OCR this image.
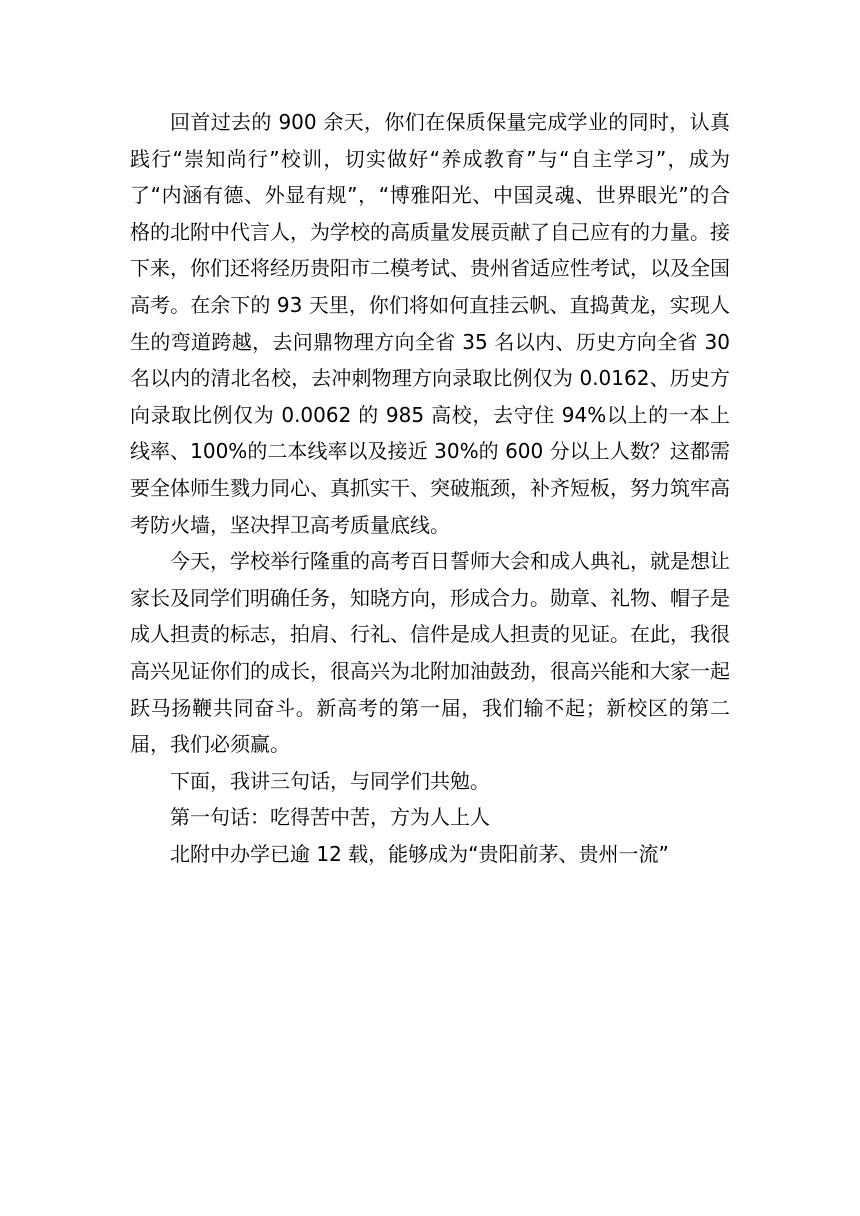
回首过去的 900 余天，你们在保质保量完成学业的同时，认真践行“崇知尚行”校训，切实做好“养成教育”与“自主学习”，成为了“内涵有德、外显有规”，“博雅阳光、中国灵魂、世界眼光”的合格的北附中代言人，为学校的高质量发展贡献了自己应有的力量。接下来，你们还将经历贵阳市二模考试、贵州省适应性考试，以及全国高考。在余下的 93 天里，你们将如何直挂云帆、直捣黄龙，实现人生的弯道跨越，去问鼎物理方向全省 35 名以内、历史方向全省 30 名以内的清北名校，去冲刺物理方向录取比例仅为 0.0162、历史方向录取比例仅为 0.0062 的 985 高校，去守住 94%以上的一本上线率、100%的二本线率以及接近 30%的 600 分以上人数？这都需要全体师生戮力同心、真抓实干、突破瓶颈，补齐短板，努力筑牢高考防火墙，坚决捍卫高考质量底线。

今天，学校举行隆重的高考百日誓师大会和成人典礼，就是想让家长及同学们明确任务，知晓方向，形成合力。勋章、礼物、帽子是成人担责的标志，拍肩、行礼、信件是成人担责的见证。在此，我很高兴见证你们的成长，很高兴为北附加油鼓劲，很高兴能和大家一起跃马扬鞭共同奋斗。新高考的第一届，我们输不起；新校区的第二届，我们必须赢。

下面，我讲三句话，与同学们共勉。

第一句话：吃得苦中苦，方为人上人

北附中办学已逾 12 载，能够成为“贵阳前茅、贵州一流”
